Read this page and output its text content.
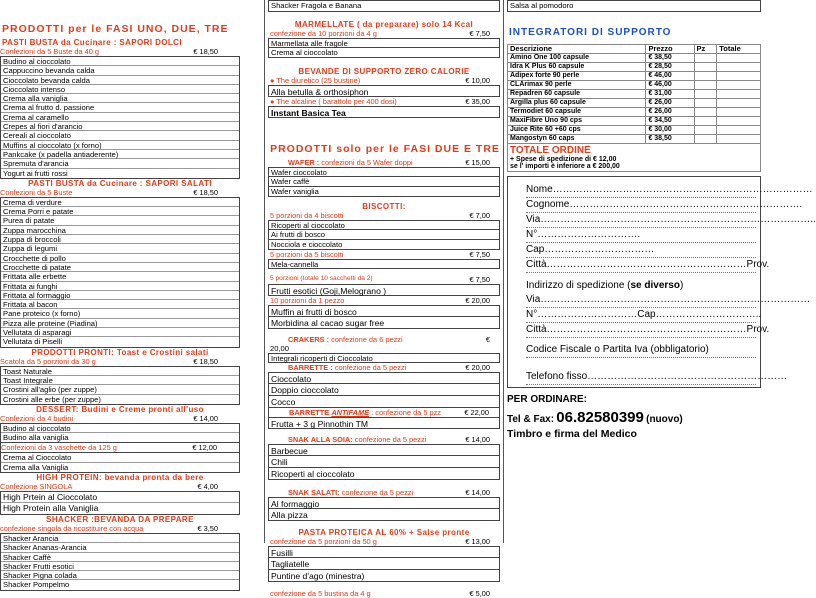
PRODOTTI per le FASI UNO, DUE, TRE
PASTI BUSTA da Cucinare : SAPORI DOLCI
Confezioni da 5 Buste da 40 g	€ 18,50
Budino al cioccolato
Cappuccino bevanda calda
Cioccolato bevanda calda
Cioccolato intenso
Crema alla vaniglia
Crema al frutto d. passione
Crema al caramello
Crepes al fiori d'arancio
Cereali al cioccolato
Muffins al cioccolato (x forno)
Pankcake (x padella antiaderente)
Spremuta d'arancia
Yogurt ai frutti rossi
PASTI BUSTA da Cucinare : SAPORI SALATI
Confezioni da 5 Buste	€ 18,50
Crema di verdure
Crema Porri e patate
Purea di patate
Zuppa marocchina
Zuppa di broccoli
Zuppa di legumi
Crocchette di pollo
Crocchette di patate
Frittata alle erbette
Frittata ai funghi
Frittata al formaggio
Frittata al bacon
Pane proteico (x forno)
Pizza alle proteine (Piadina)
Vellutata di asparagi
Vellutata di Piselli
PRODOTTI PRONTI: Toast e Crostini salati
Scatola da 5 porzioni da 30 g	€ 18,50
Toast Naturale
Toast Integrale
Crostini all'aglio (per zuppe)
Crostini alle erbe (per zuppe)
DESSERT: Budini e Creme pronti all'uso
Confezioni da 4 budini	€ 14,00
Budino al cioccolato
Budino alla vaniglia
Confezioni da 3 vaschette da 125 g	€ 12,00
Crema al Cioccolato
Crema alla Vaniglia
HIGH PROTEIN: bevanda pronta da bere
Confezione SINGOLA	€ 4,00
High Prtein al Cioccolato
High Protein alla Vaniglia
SHACKER :BEVANDA DA PREPARE
confezione singola da ricostituire con acqua	€ 3,50
Shacker Arancia
Shacker Ananas-Arancia
Shacker Caffè
Shacker Frutti esotici
Shacker Pigna colada
Shacker Pompelmo
Shacker Fragola e Banana
MARMELLATE ( da preparare) solo 14 Kcal
confezione da 10 porzioni da 4 g	€ 7,50
Marmellata alle fragole
Crema al cioccolato
BEVANDE DI SUPPORTO ZERO CALORIE
● The diuretico (25 bustine)	€ 10,00
Alla betulla & orthosiphon
● The alcaline ( barattolo per 400 dosi)	€ 35,00
Instant Basica Tea
PRODOTTI solo per le FASI DUE E TRE
WAFER : confezioni da 5 Wafer doppi	€ 15,00
Wafer cioccolato
Wafer caffè
Wafer vaniglia
BISCOTTI:
5 porzioni da 4 biscotti	€ 7,00
Ricoperti al cioccolato
Ai frutti di bosco
Nocciola e cioccolato
5 porzioni da 5 biscotti	€ 7,50
Mela-cannella
5 porzioni (totale 10 sacchetti da 2)	€ 7,50
Frutti esotici (Goji,Melograno )
10 porzioni da 1 pezzo	€ 20,00
Muffin ai frutti di bosco
Morbidina al cacao sugar free
CRAKERS : confezione da 6 pezzi	€
20,00
Integrali ricoperti di Cioccolato
BARRETTE : confezione da 5 pezzi	€ 20,00
Cioccolato
Doppio cioccolato
Cocco
BARRETTE ANTIFAME : confezione da 5 pzz	€ 22,00
Frutta + 3 g Pinnothin TM
SNAK ALLA SOIA: confezione da 5 pezzi	€ 14,00
Barbecue
Chili
Ricoperti al cioccolato
SNAK SALATI: confezione da 5 pezzi	€ 14,00
Al formaggio
Alla pizza
PASTA PROTEICA AL 60% + Salse pronte
confezione da 5 porzioni da 50 g	€ 13,00
Fusilli
Tagliatelle
Puntine d'ago (minestra)
confezione da 5 bustina da 4 g	€ 5,00
Salsa al pomodoro
INTEGRATORI DI SUPPORTO
Descrizione	Prezzo	Pz	Totale
Amino One 100 capsule	€ 38,50		
Idra K Plus 60 capsule	€ 28,50		
Adipex forte 90 perle	€ 46,00		
CLArimax 90 perle	€ 46,00		
Repadren 60 capsule	€ 31,00		
Argilla plus 60 capsule	€ 26,00		
Termodiet 60 capsule	€ 26,00		
MaxiFibre Uno 90 cps	€ 34,50		
Juice Rite 60 +60 cps	€ 30,00		
Mangostyn 60 caps	€ 38,50		
TOTALE ORDINE
+ Spese di spedizione di € 12,00
se l' importi è inferiore a € 200,00
Nome……………………………………………………………………
Cognome…………………………………………………………….
Via………………………………………………………………………..
N°………………………….
Cap……………………………
Città……………………………………………………Prov.
Indirizzo di spedizione (se diverso)
Via………………………………………………………………………
N°…………………………Cap…………………………..
Città……………………………………………………Prov.
Codice Fiscale o Partita Iva (obbligatorio)
Telefono fisso……………………………………………………
PER ORDINARE:
Tel & Fax: 06.82580399 (nuovo)
Timbro e firma del Medico
